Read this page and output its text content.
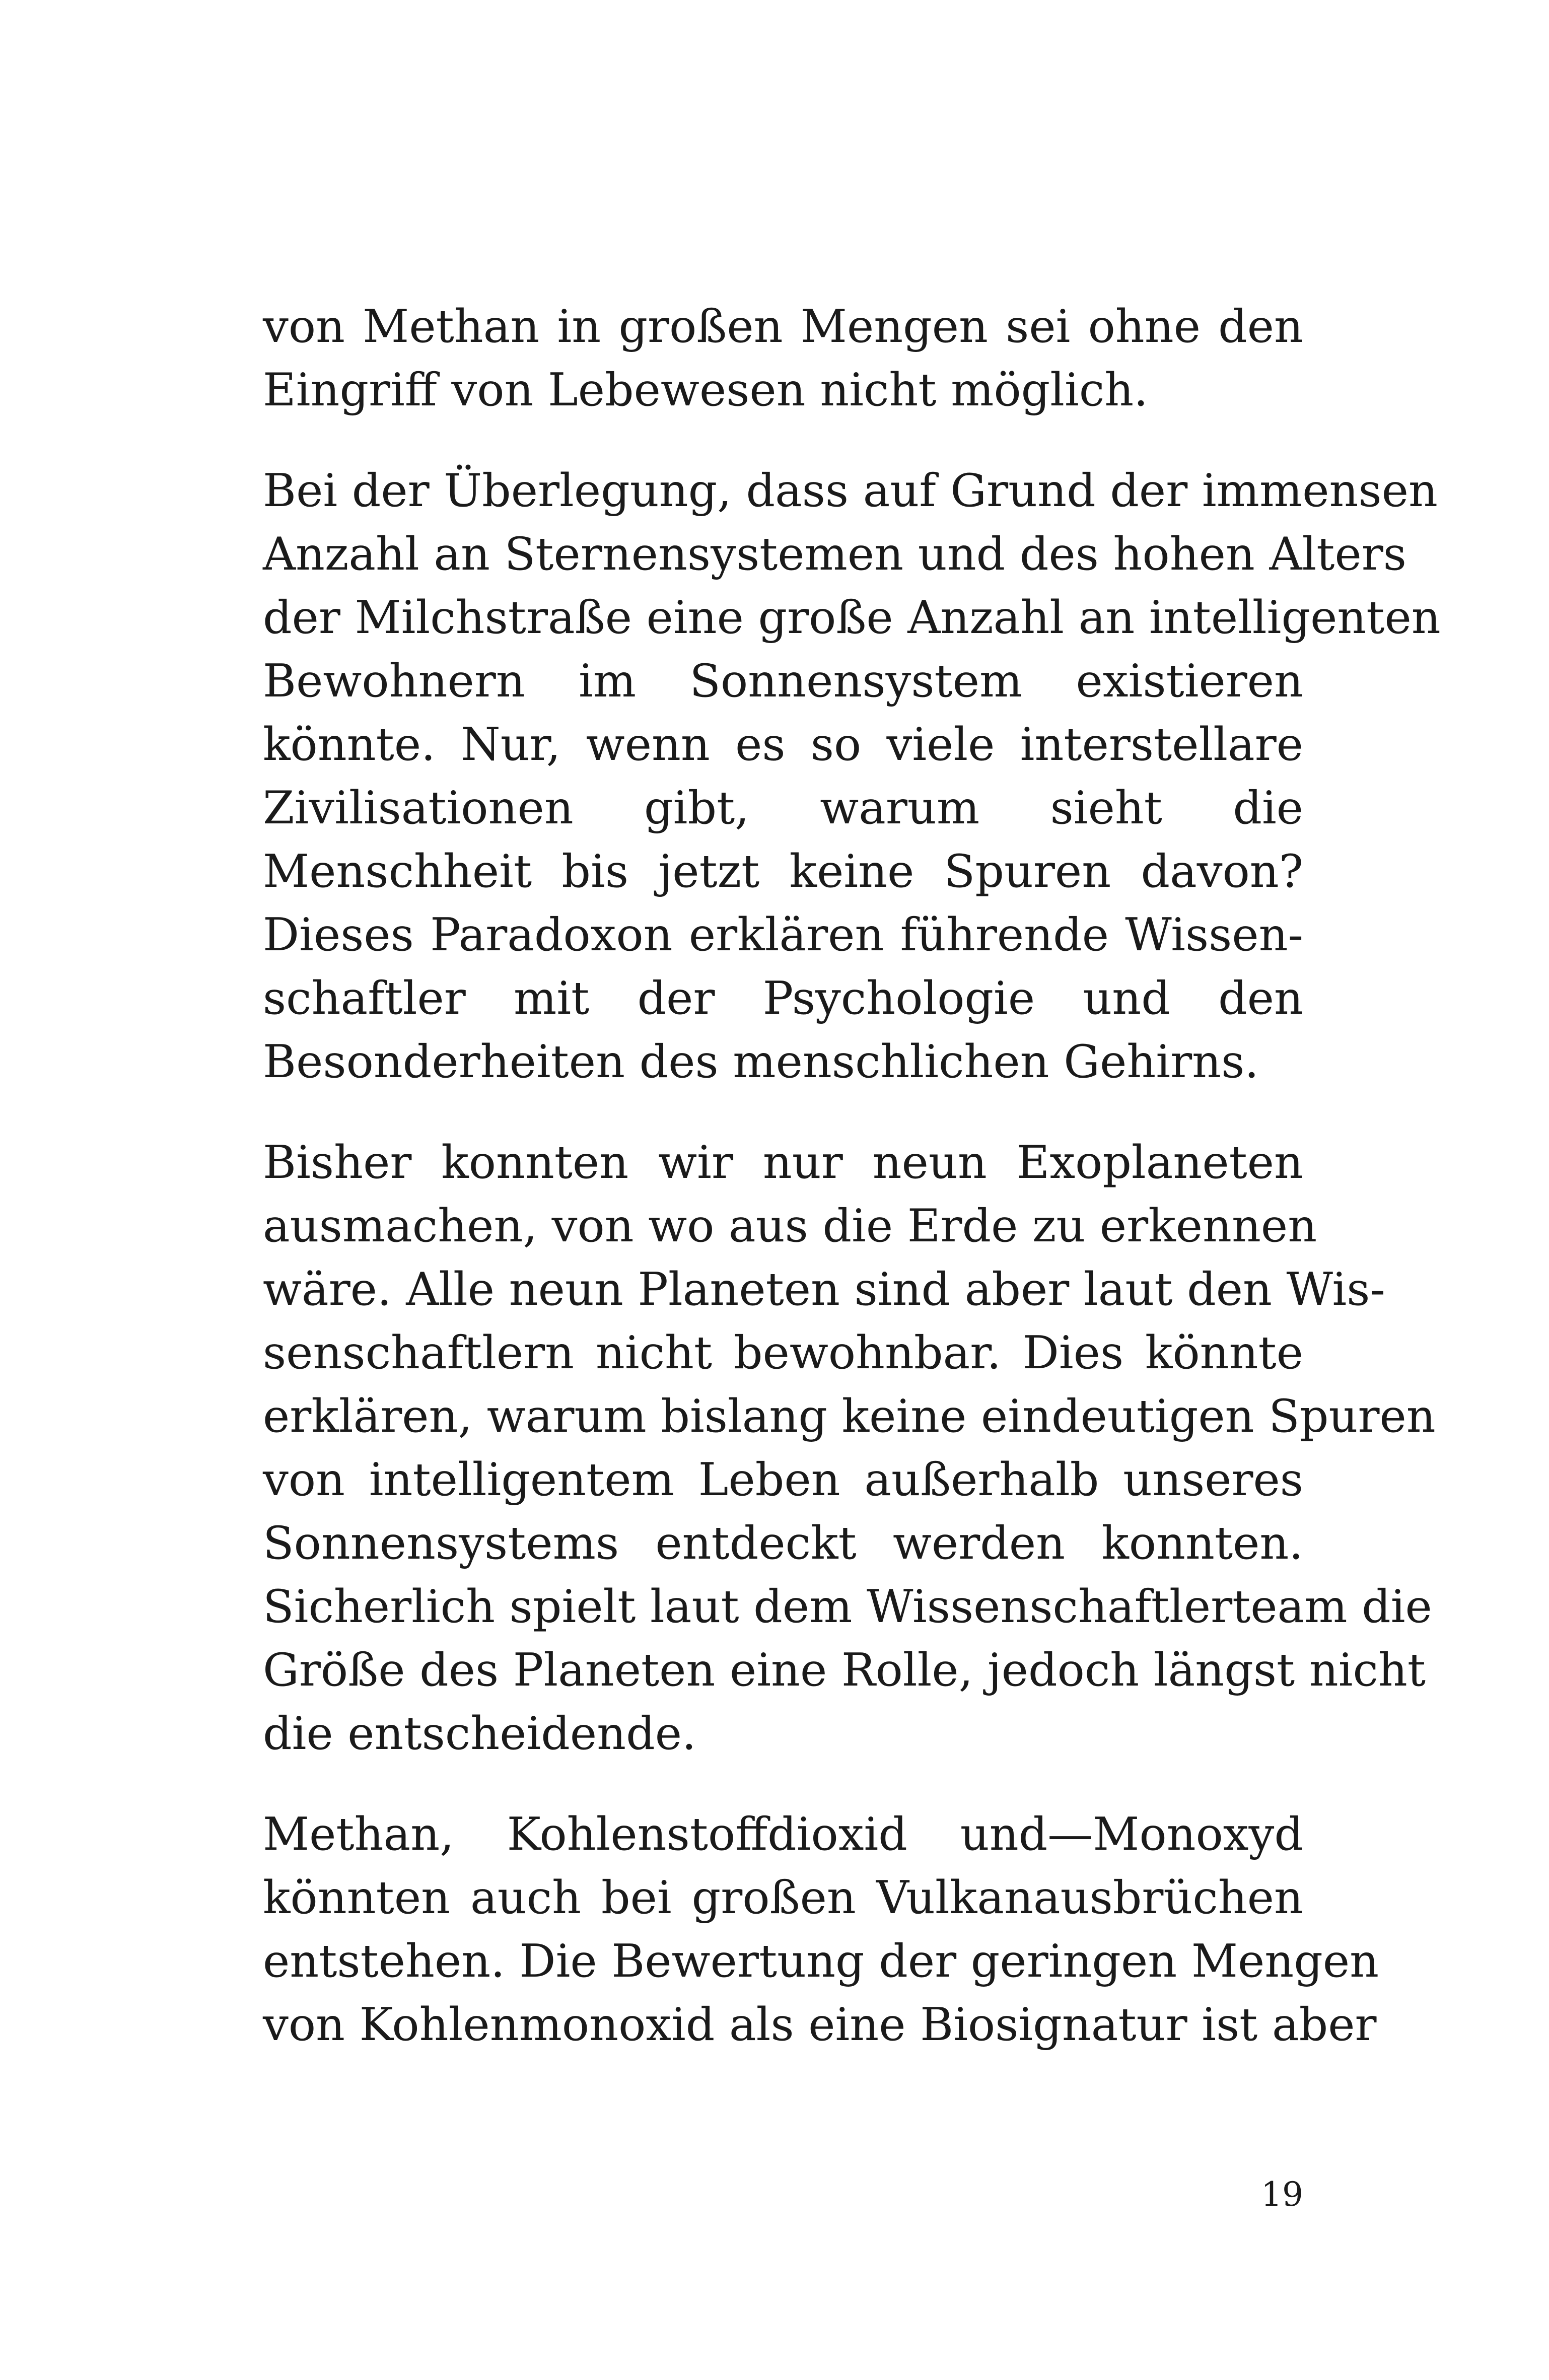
von Methan in großen Mengen sei ohne den
Eingriff von Lebewesen nicht möglich.
Bei der Überlegung, dass auf Grund der immensen
Anzahl an Sternensystemen und des hohen Alters
der Milchstraße eine große Anzahl an intelligenten
Bewohnern im Sonnensystem existieren
könnte. Nur, wenn es so viele interstellare
Zivilisationen gibt, warum sieht die
Menschheit bis jetzt keine Spuren davon?
Dieses Paradoxon erklären führende Wissen-
schaftler mit der Psychologie und den
Besonderheiten des menschlichen Gehirns.
Bisher konnten wir nur neun Exoplaneten
ausmachen, von wo aus die Erde zu erkennen
wäre. Alle neun Planeten sind aber laut den Wis-
senschaftlern nicht bewohnbar. Dies könnte
erklären, warum bislang keine eindeutigen Spuren
von intelligentem Leben außerhalb unseres
Sonnensystems entdeckt werden konnten.
Sicherlich spielt laut dem Wissenschaftlerteam die
Größe des Planeten eine Rolle, jedoch längst nicht
die entscheidende.
Methan, Kohlenstoffdioxid und—Monoxyd
könnten auch bei großen Vulkanausbrüchen
entstehen. Die Bewertung der geringen Mengen
von Kohlenmonoxid als eine Biosignatur ist aber
19
